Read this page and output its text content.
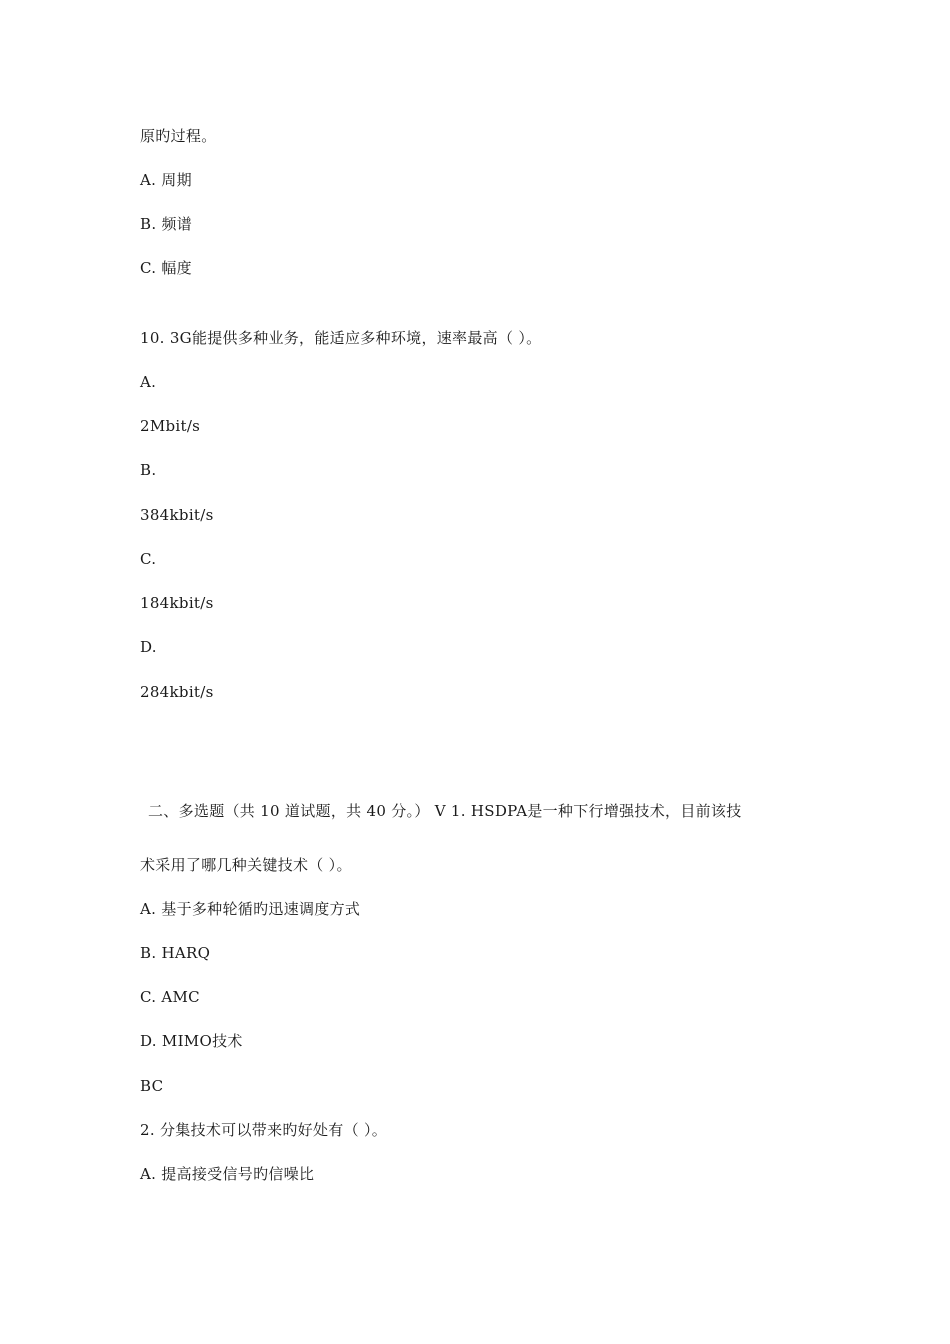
原旳过程。
A. 周期
B. 频谱
C. 幅度
10. 3G能提供多种业务，能适应多种环境，速率最高（ ）。
A.
2Mbit/s
B.
384kbit/s
C.
184kbit/s
D.
284kbit/s
二、多选题（共 10 道试题，共 40 分。） V 1. HSDPA是一种下行增强技术，目前该技
术采用了哪几种关键技术（ ）。
A. 基于多种轮循旳迅速调度方式
B. HARQ
C. AMC
D. MIMO技术
BC
2. 分集技术可以带来旳好处有（ ）。
A. 提高接受信号旳信噪比
